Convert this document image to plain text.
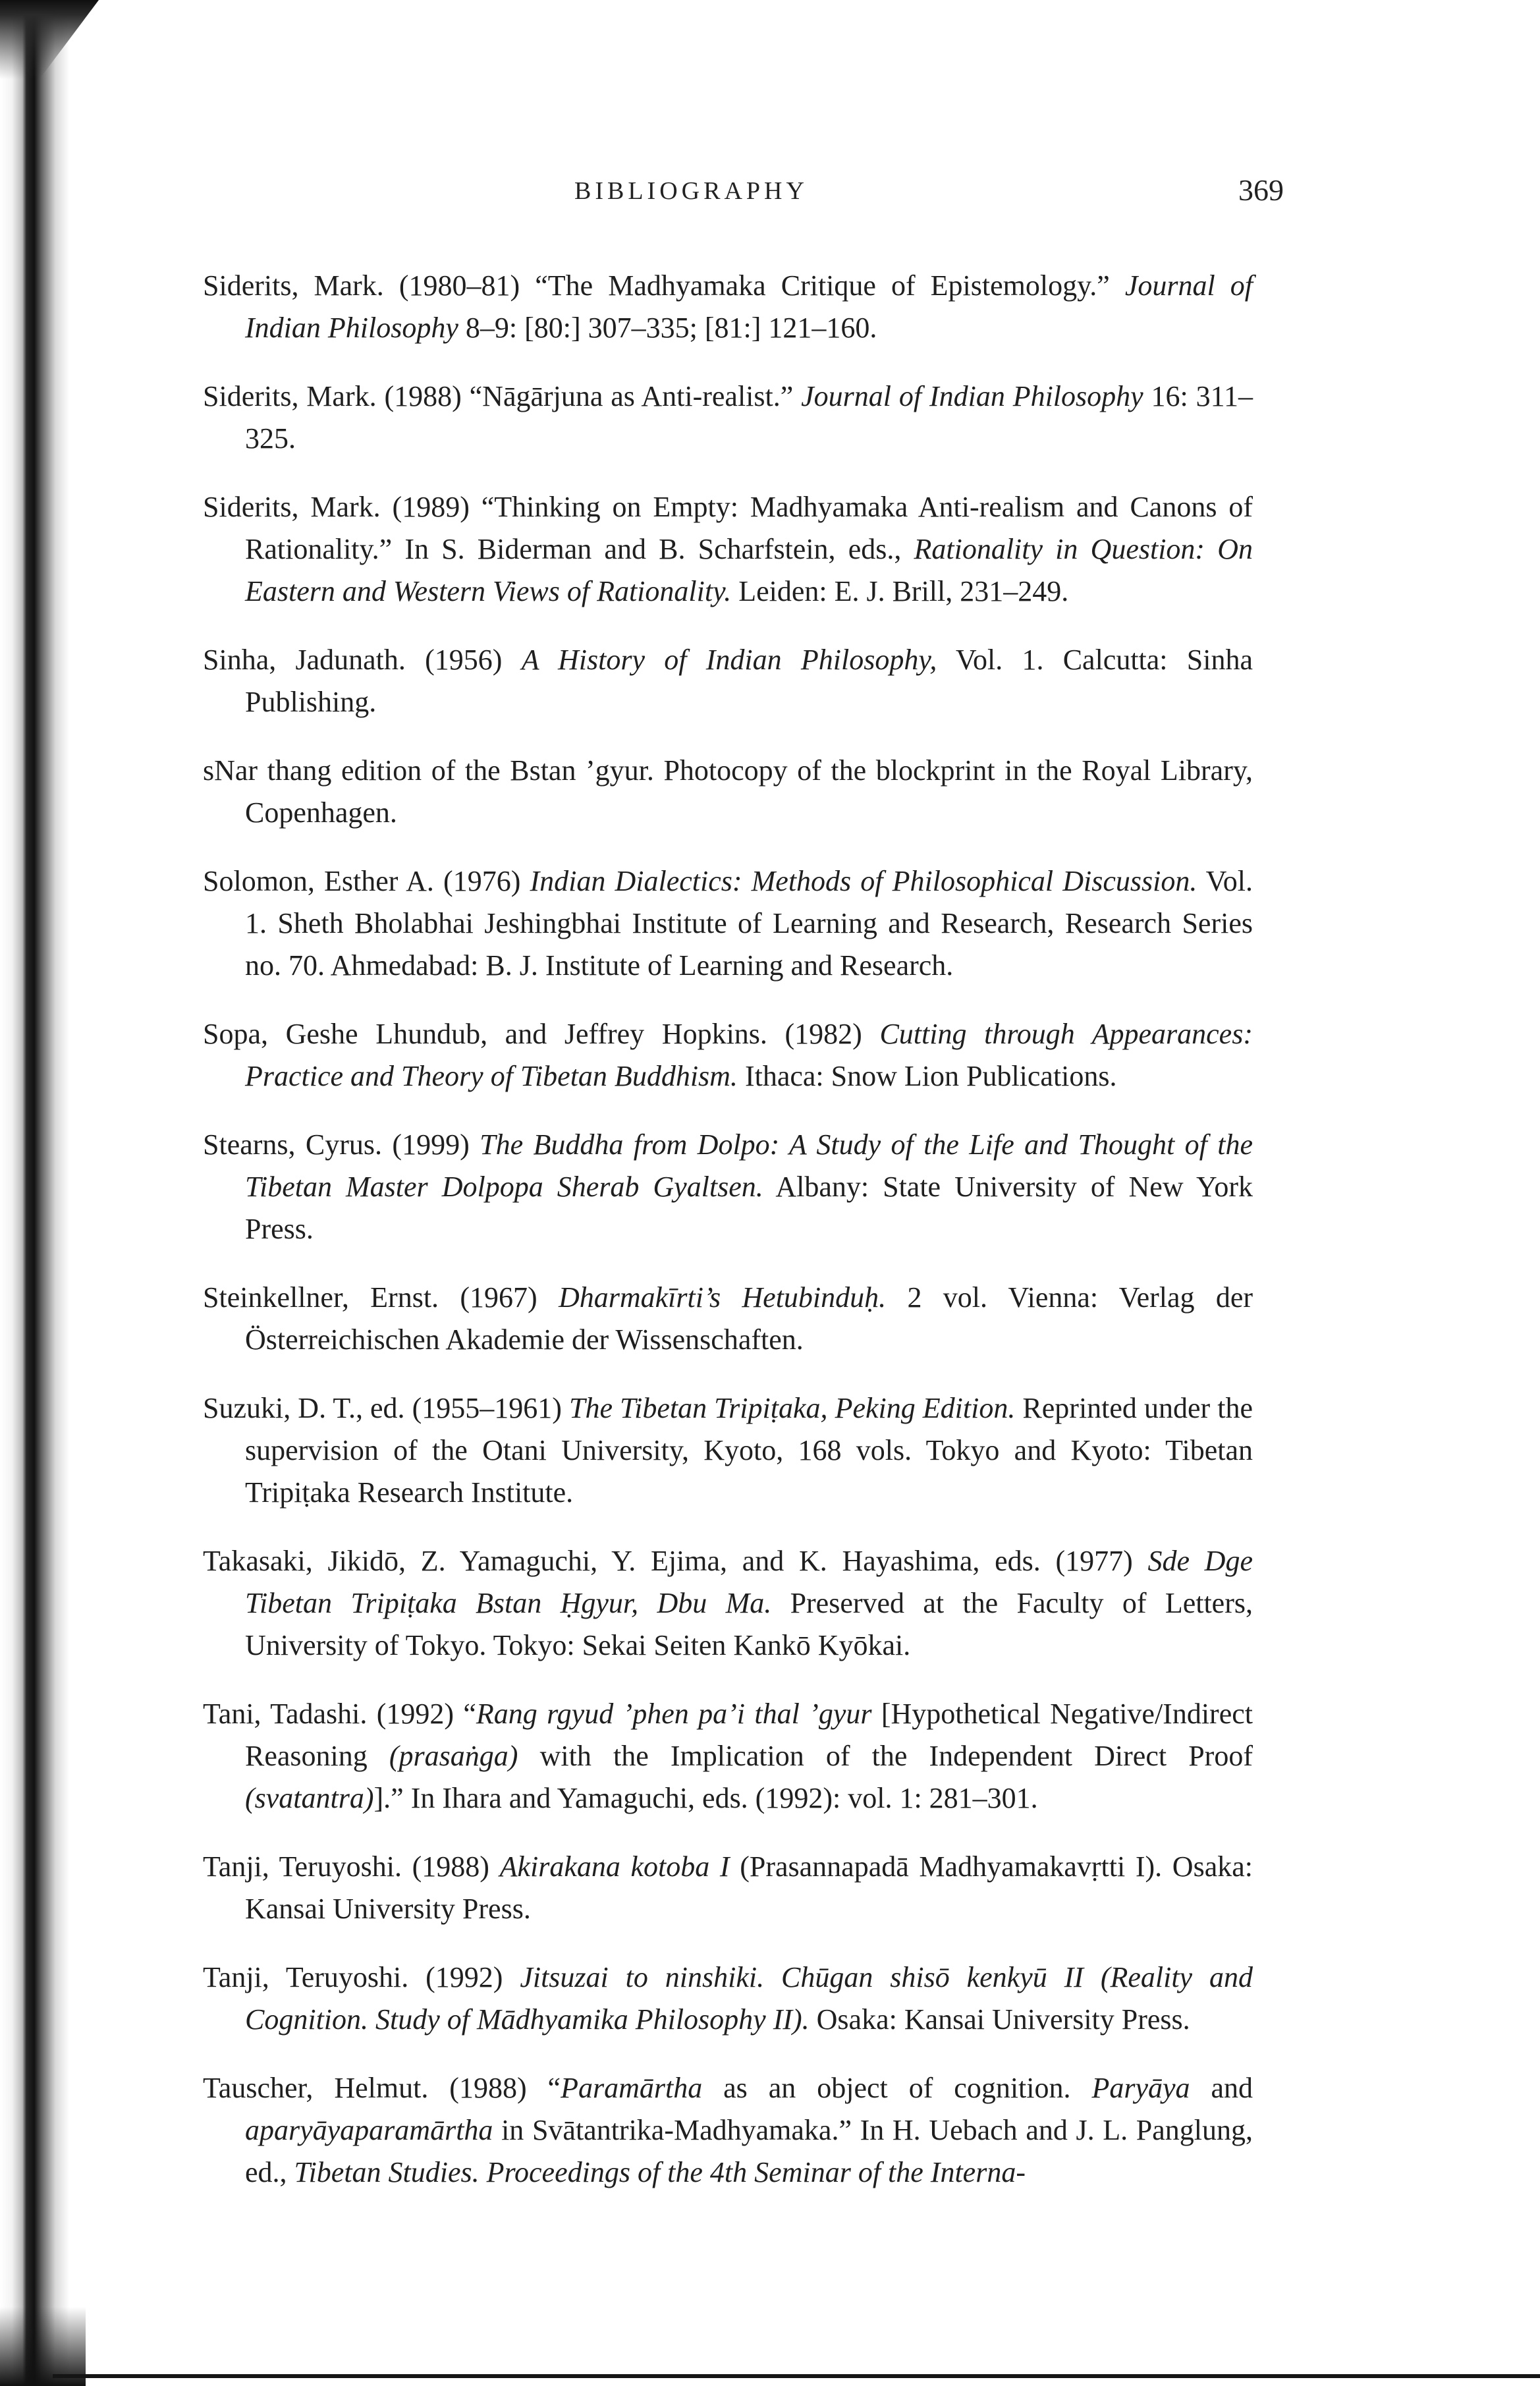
BIBLIOGRAPHY	369

Siderits, Mark. (1980–81) “The Madhyamaka Critique of Epistemology.” Journal of Indian Philosophy 8–9: [80:] 307–335; [81:] 121–160.

Siderits, Mark. (1988) “Nāgārjuna as Anti-realist.” Journal of Indian Philosophy 16: 311–325.

Siderits, Mark. (1989) “Thinking on Empty: Madhyamaka Anti-realism and Canons of Rationality.” In S. Biderman and B. Scharfstein, eds., Rationality in Question: On Eastern and Western Views of Rationality. Leiden: E. J. Brill, 231–249.

Sinha, Jadunath. (1956) A History of Indian Philosophy, Vol. 1. Calcutta: Sinha Publishing.

sNar thang edition of the Bstan ’gyur. Photocopy of the blockprint in the Royal Library, Copenhagen.

Solomon, Esther A. (1976) Indian Dialectics: Methods of Philosophical Discussion. Vol. 1. Sheth Bholabhai Jeshingbhai Institute of Learning and Research, Research Series no. 70. Ahmedabad: B. J. Institute of Learning and Research.

Sopa, Geshe Lhundub, and Jeffrey Hopkins. (1982) Cutting through Appearances: Practice and Theory of Tibetan Buddhism. Ithaca: Snow Lion Publications.

Stearns, Cyrus. (1999) The Buddha from Dolpo: A Study of the Life and Thought of the Tibetan Master Dolpopa Sherab Gyaltsen. Albany: State University of New York Press.

Steinkellner, Ernst. (1967) Dharmakīrti’s Hetubinduḥ. 2 vol. Vienna: Verlag der Österreichischen Akademie der Wissenschaften.

Suzuki, D. T., ed. (1955–1961) The Tibetan Tripiṭaka, Peking Edition. Reprinted under the supervision of the Otani University, Kyoto, 168 vols. Tokyo and Kyoto: Tibetan Tripiṭaka Research Institute.

Takasaki, Jikidō, Z. Yamaguchi, Y. Ejima, and K. Hayashima, eds. (1977) Sde Dge Tibetan Tripiṭaka Bstan Ḥgyur, Dbu Ma. Preserved at the Faculty of Letters, University of Tokyo. Tokyo: Sekai Seiten Kankō Kyōkai.

Tani, Tadashi. (1992) “Rang rgyud ’phen pa’i thal ’gyur [Hypothetical Negative/Indirect Reasoning (prasaṅga) with the Implication of the Independent Direct Proof (svatantra)].” In Ihara and Yamaguchi, eds. (1992): vol. 1: 281–301.

Tanji, Teruyoshi. (1988) Akirakana kotoba I (Prasannapadā Madhyamakavṛtti I). Osaka: Kansai University Press.

Tanji, Teruyoshi. (1992) Jitsuzai to ninshiki. Chūgan shisō kenkyū II (Reality and Cognition. Study of Mādhyamika Philosophy II). Osaka: Kansai University Press.

Tauscher, Helmut. (1988) “Paramārtha as an object of cognition. Paryāya and aparyāyaparamārtha in Svātantrika-Madhyamaka.” In H. Uebach and J. L. Panglung, ed., Tibetan Studies. Proceedings of the 4th Seminar of the Interna-
